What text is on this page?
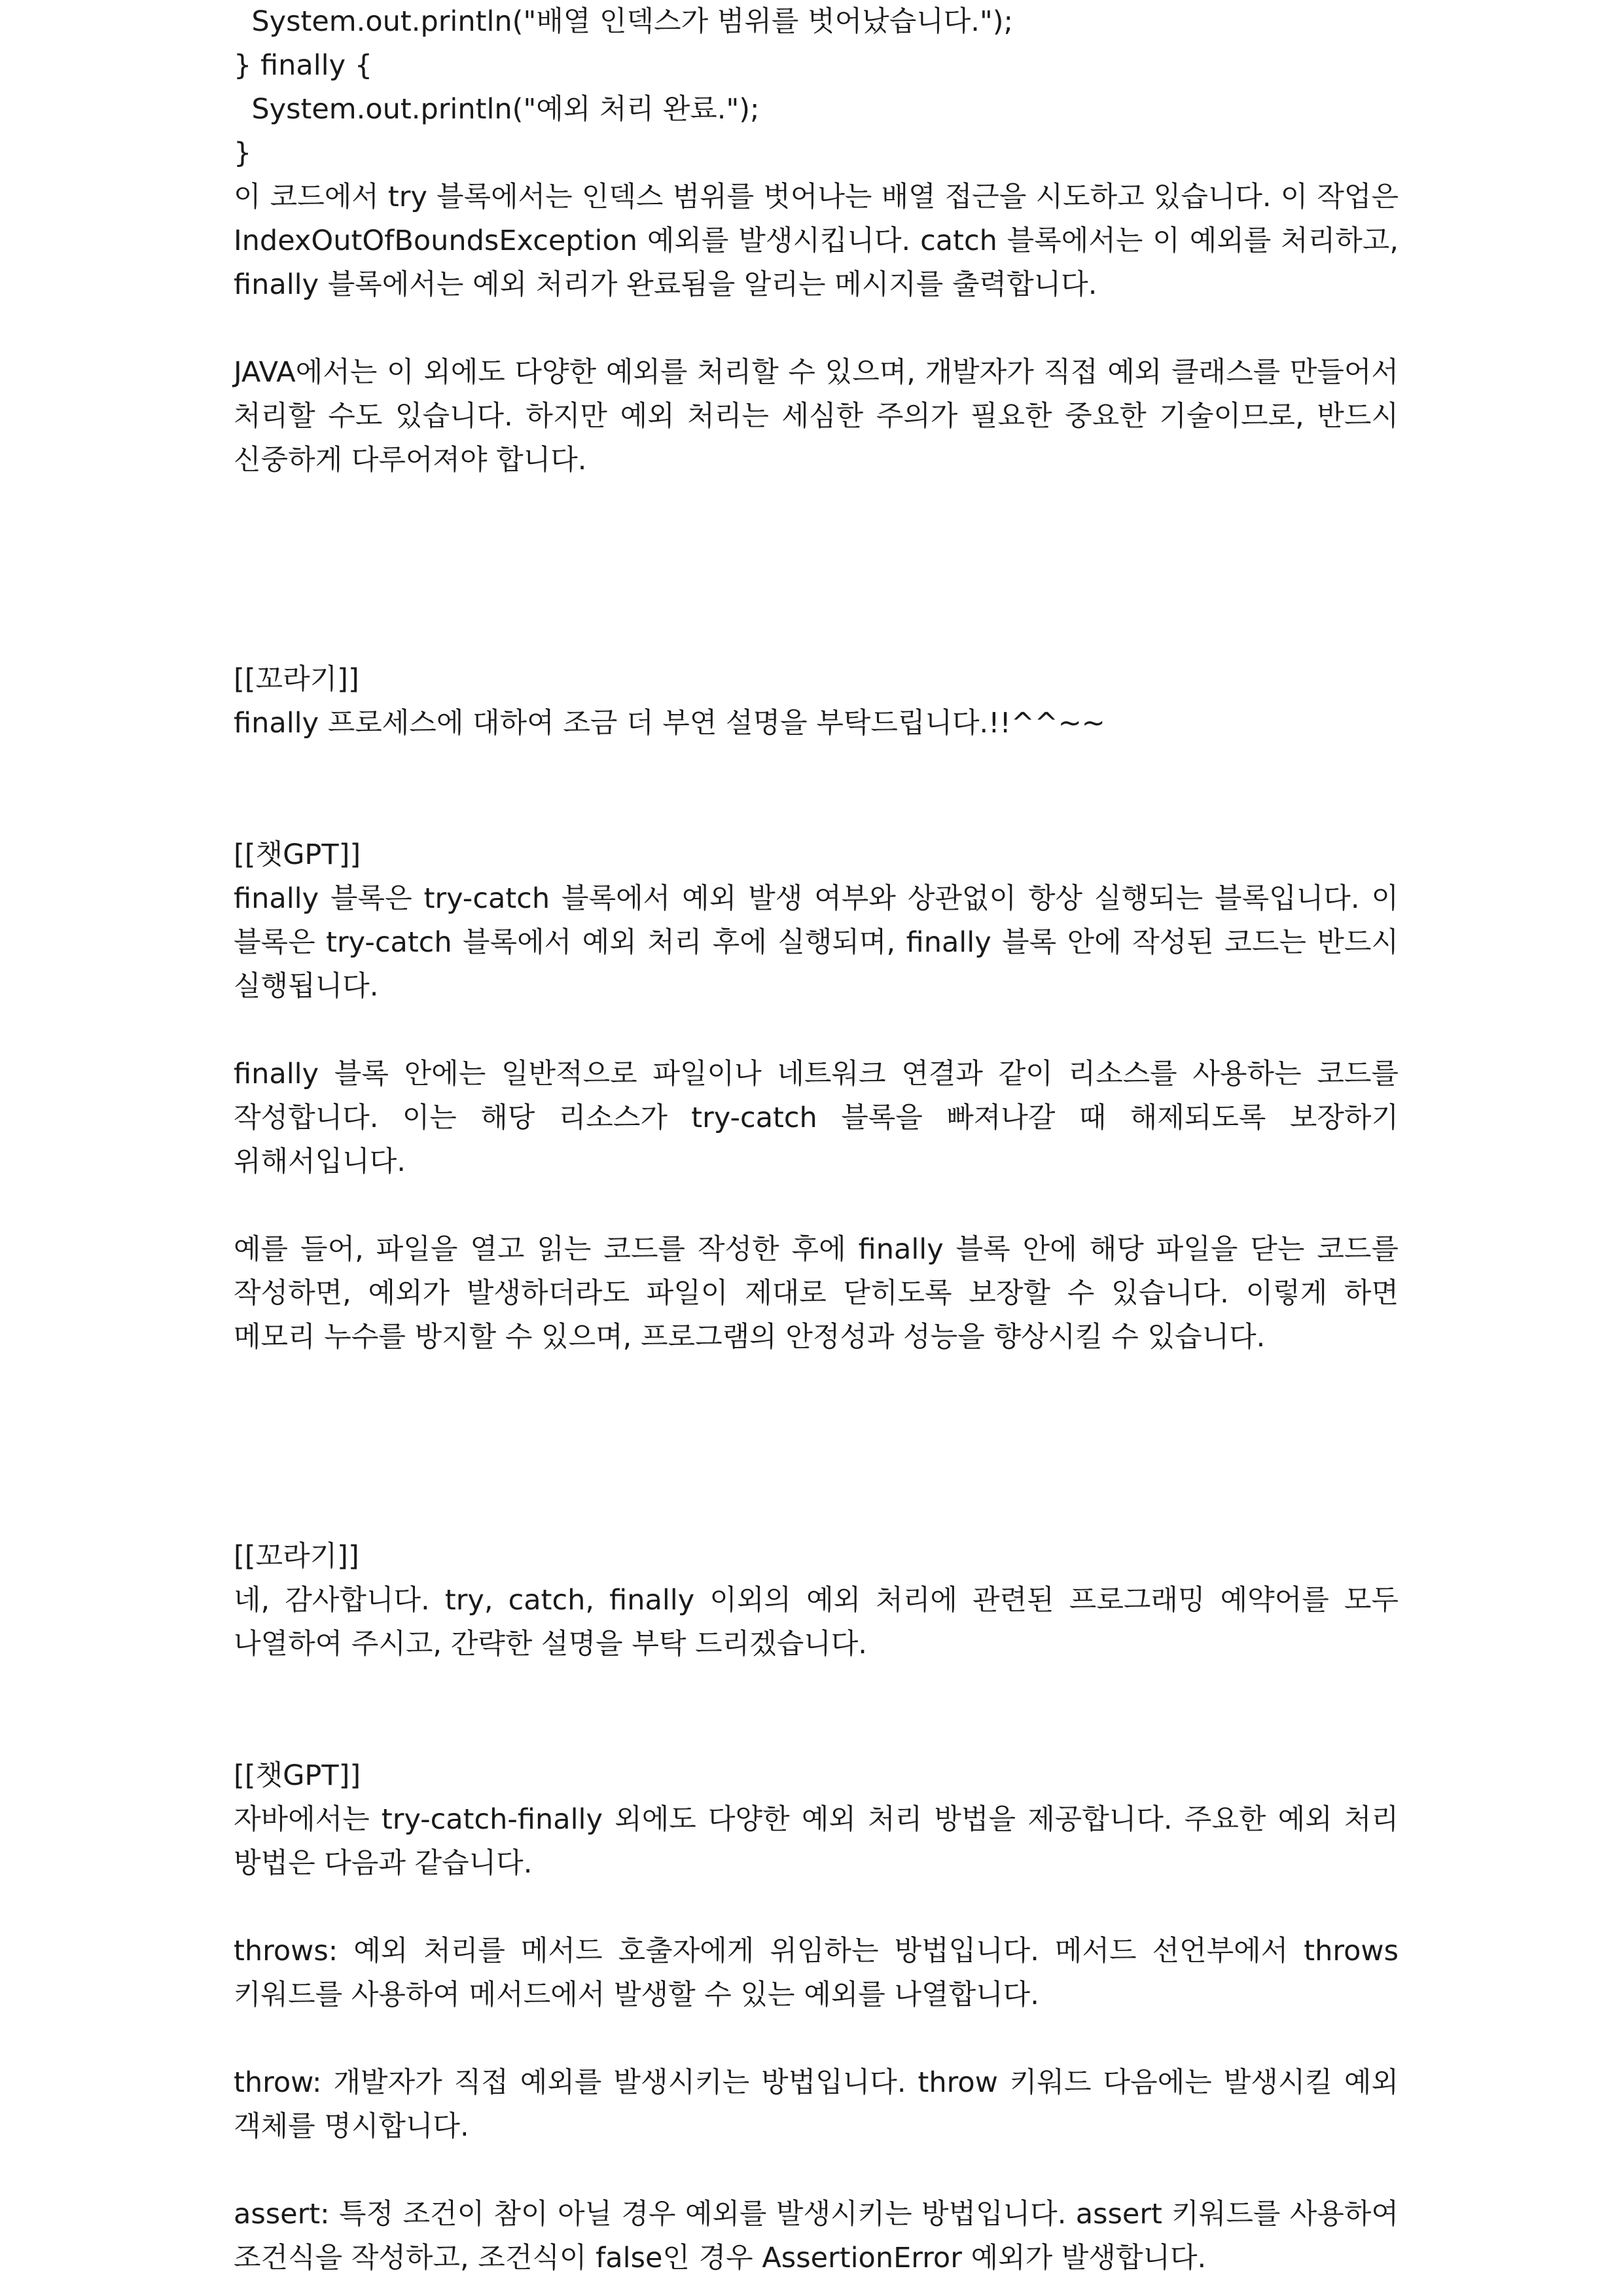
System.out.println("배열 인덱스가 범위를 벗어났습니다.");

} finally {

System.out.println("예외 처리 완료.");

}

이 코드에서 try 블록에서는 인덱스 범위를 벗어나는 배열 접근을 시도하고 있습니다. 이 작업은 IndexOutOfBoundsException 예외를 발생시킵니다. catch 블록에서는 이 예외를 처리하고, finally 블록에서는 예외 처리가 완료됨을 알리는 메시지를 출력합니다.

JAVA에서는 이 외에도 다양한 예외를 처리할 수 있으며, 개발자가 직접 예외 클래스를 만들어서 처리할 수도 있습니다. 하지만 예외 처리는 세심한 주의가 필요한 중요한 기술이므로, 반드시 신중하게 다루어져야 합니다.

[[꼬라기]]

finally 프로세스에 대하여 조금 더 부연 설명을 부탁드립니다.!!^^~~

[[챗GPT]]

finally 블록은 try-catch 블록에서 예외 발생 여부와 상관없이 항상 실행되는 블록입니다. 이 블록은 try-catch 블록에서 예외 처리 후에 실행되며, finally 블록 안에 작성된 코드는 반드시 실행됩니다.

finally 블록 안에는 일반적으로 파일이나 네트워크 연결과 같이 리소스를 사용하는 코드를 작성합니다. 이는 해당 리소스가 try-catch 블록을 빠져나갈 때 해제되도록 보장하기 위해서입니다.

예를 들어, 파일을 열고 읽는 코드를 작성한 후에 finally 블록 안에 해당 파일을 닫는 코드를 작성하면, 예외가 발생하더라도 파일이 제대로 닫히도록 보장할 수 있습니다. 이렇게 하면 메모리 누수를 방지할 수 있으며, 프로그램의 안정성과 성능을 향상시킬 수 있습니다.

[[꼬라기]]

네, 감사합니다. try, catch, finally 이외의 예외 처리에 관련된 프로그래밍 예약어를 모두 나열하여 주시고, 간략한 설명을 부탁 드리겠습니다.

[[챗GPT]]

자바에서는 try-catch-finally 외에도 다양한 예외 처리 방법을 제공합니다. 주요한 예외 처리 방법은 다음과 같습니다.

throws: 예외 처리를 메서드 호출자에게 위임하는 방법입니다. 메서드 선언부에서 throws 키워드를 사용하여 메서드에서 발생할 수 있는 예외를 나열합니다.

throw: 개발자가 직접 예외를 발생시키는 방법입니다. throw 키워드 다음에는 발생시킬 예외 객체를 명시합니다.

assert: 특정 조건이 참이 아닐 경우 예외를 발생시키는 방법입니다. assert 키워드를 사용하여 조건식을 작성하고, 조건식이 false인 경우 AssertionError 예외가 발생합니다.
